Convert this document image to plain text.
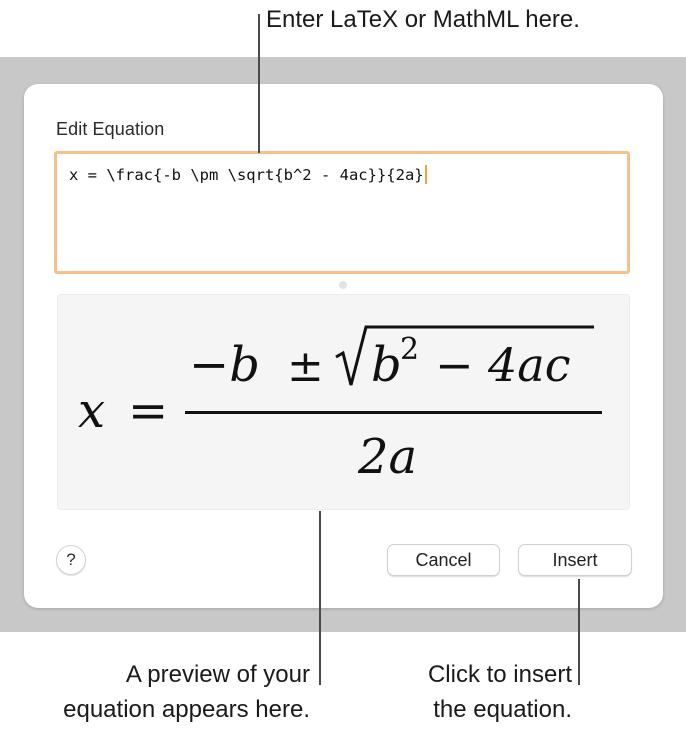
Edit Equation
x = \frac{-b \pm \sqrt{b^2 - 4ac}}{2a}
x =
−b ± b
2 − 4ac
2a
?	Cancel	Insert
Enter LaTeX or MathML here.
A preview of your
equation appears here.
Click to insert
the equation.
